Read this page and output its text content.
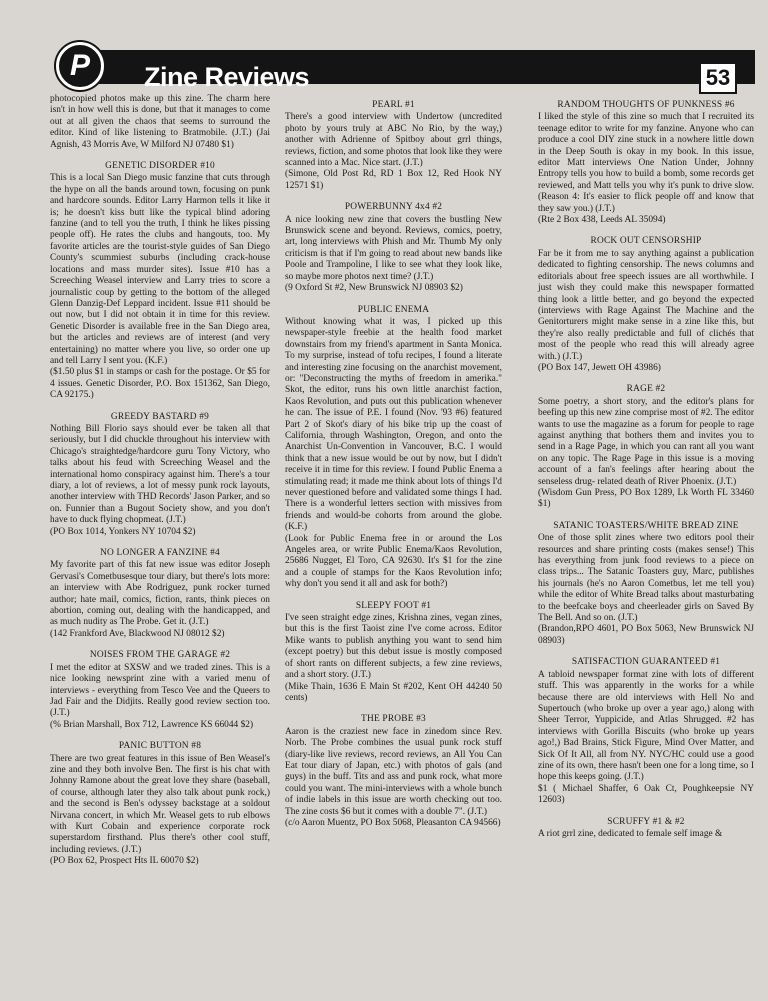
Zine Reviews	53
P

photocopied photos make up this zine. The charm here isn't in how well this is done, but that it manages to come out at all given the chaos that seems to surround the editor. Kind of like listening to Bratmobile. (J.T.) (Jai Agnish, 43 Morris Ave, W Milford NJ 07480 $1)

GENETIC DISORDER #10

This is a local San Diego music fanzine that cuts through the hype on all the bands around town, focusing on punk and hardcore sounds. Editor Larry Harmon tells it like it is; he doesn't kiss butt like the typical blind adoring fanzine (and to tell you the truth, I think he likes pissing people off). He rates the clubs and hangouts, too. My favorite articles are the tourist-style guides of San Diego County's scummiest suburbs (including crack-house locations and mass murder sites). Issue #10 has a Screeching Weasel interview and Larry tries to score a journalistic coup by getting to the bottom of the alleged Glenn Danzig-Def Leppard incident. Issue #11 should be out now, but I did not obtain it in time for this review. Genetic Disorder is available free in the San Diego area, but the articles and reviews are of interest (and very entertaining) no matter where you live, so order one up and tell Larry I sent you. (K.F.)

($1.50 plus $1 in stamps or cash for the postage. Or $5 for 4 issues. Genetic Disorder, P.O. Box 151362, San Diego, CA 92175.)

GREEDY BASTARD #9

Nothing Bill Florio says should ever be taken all that seriously, but I did chuckle throughout his interview with Chicago's straightedge/hardcore guru Tony Victory, who talks about his feud with Screeching Weasel and the international homo conspiracy against him. There's a tour diary, a lot of reviews, a lot of messy punk rock layouts, another interview with THD Records' Jason Parker, and so on. Funnier than a Bugout Society show, and you don't have to duck flying chopmeat. (J.T.)

(PO Box 1014, Yonkers NY 10704 $2)

NO LONGER A FANZINE #4

My favorite part of this fat new issue was editor Joseph Gervasi's Cometbusesque tour diary, but there's lots more: an interview with Abe Rodriguez, punk rocker turned author; hate mail, comics, fiction, rants, think pieces on abortion, coming out, dealing with the handicapped, and as much nudity as The Probe. Get it. (J.T.)

(142 Frankford Ave, Blackwood NJ 08012 $2)

NOISES FROM THE GARAGE #2

I met the editor at SXSW and we traded zines. This is a nice looking newsprint zine with a varied menu of interviews - everything from Tesco Vee and the Queers to Jad Fair and the Didjits. Really good review section too. (J.T.)

(% Brian Marshall, Box 712, Lawrence KS 66044 $2)

PANIC BUTTON #8

There are two great features in this issue of Ben Weasel's zine and they both involve Ben. The first is his chat with Johnny Ramone about the great love they share (baseball, of course, although later they also talk about punk rock,) and the second is Ben's odyssey backstage at a soldout Nirvana concert, in which Mr. Weasel gets to rub elbows with Kurt Cobain and experience corporate rock superstardom firsthand. Plus there's other cool stuff, including reviews. (J.T.)

(PO Box 62, Prospect Hts IL 60070 $2)

PEARL #1

There's a good interview with Undertow (uncredited photo by yours truly at ABC No Rio, by the way,) another with Adrienne of Spitboy about grrl things, reviews, fiction, and some photos that look like they were scanned into a Mac. Nice start. (J.T.)

(Simone, Old Post Rd, RD 1 Box 12, Red Hook NY 12571 $1)

POWERBUNNY 4x4 #2

A nice looking new zine that covers the bustling New Brunswick scene and beyond. Reviews, comics, poetry, art, long interviews with Phish and Mr. Thumb My only criticism is that if I'm going to read about new bands like Poole and Trampoline, I like to see what they look like, so maybe more photos next time? (J.T.)

(9 Oxford St #2, New Brunswick NJ 08903 $2)

PUBLIC ENEMA

Without knowing what it was, I picked up this newspaper-style freebie at the health food market downstairs from my friend's apartment in Santa Monica. To my surprise, instead of tofu recipes, I found a literate and interesting zine focusing on the anarchist movement, or: "Deconstructing the myths of freedom in amerika." Skot, the editor, runs his own little anarchist faction, Kaos Revolution, and puts out this publication whenever he can. The issue of P.E. I found (Nov. '93 #6) featured Part 2 of Skot's diary of his bike trip up the coast of California, through Washington, Oregon, and onto the Anarchist Un-Convention in Vancouver, B.C. I would think that a new issue would be out by now, but I didn't receive it in time for this review. I found Public Enema a stimulating read; it made me think about lots of things I'd never questioned before and validated some things I had. There is a wonderful letters section with missives from friends and would-be cohorts from around the globe. (K.F.)

(Look for Public Enema free in or around the Los Angeles area, or write Public Enema/Kaos Revolution, 25686 Nugget, El Toro, CA 92630. It's $1 for the zine and a couple of stamps for the Kaos Revolution info; why don't you send it all and ask for both?)

SLEEPY FOOT #1

I've seen straight edge zines, Krishna zines, vegan zines, but this is the first Taoist zine I've come across. Editor Mike wants to publish anything you want to send him (except poetry) but this debut issue is mostly composed of short rants on different subjects, a few zine reviews, and a short story. (J.T.)

(Mike Thain, 1636 E Main St #202, Kent OH 44240 50 cents)

THE PROBE #3

Aaron is the craziest new face in zinedom since Rev. Norb. The Probe combines the usual punk rock stuff (diary-like live reviews, record reviews, an All You Can Eat tour diary of Japan, etc.) with photos of gals (and guys) in the buff. Tits and ass and punk rock, what more could you want. The mini-interviews with a whole bunch of indie labels in this issue are worth checking out too. The zine costs $6 but it comes with a double 7". (J.T.)

(c/o Aaron Muentz, PO Box 5068, Pleasanton CA 94566)

RANDOM THOUGHTS OF PUNKNESS #6

I liked the style of this zine so much that I recruited its teenage editor to write for my fanzine. Anyone who can produce a cool DIY zine stuck in a nowhere little down in the Deep South is okay in my book. In this issue, editor Matt interviews One Nation Under, Johnny Entropy tells you how to build a bomb, some records get reviewed, and Matt tells you why it's punk to drive slow. (Reason 4: It's easier to flick people off and know that they saw you.) (J.T.)

(Rte 2 Box 438, Leeds AL 35094)

ROCK OUT CENSORSHIP

Far be it from me to say anything against a publication dedicated to fighting censorship. The news columns and editorials about free speech issues are all worthwhile. I just wish they could make this newspaper formatted thing look a little better, and go beyond the expected (interviews with Rage Against The Machine and the Genitorturers might make sense in a zine like this, but they're also really predictable and full of clichés that most of the people who read this will already agree with.) (J.T.)

(PO Box 147, Jewett OH 43986)

RAGE #2

Some poetry, a short story, and the editor's plans for beefing up this new zine comprise most of #2. The editor wants to use the magazine as a forum for people to rage against anything that bothers them and invites you to send in a Rage Page, in which you can rant all you want on any topic. The Rage Page in this issue is a moving account of a fan's feelings after hearing about the senseless drug- related death of River Phoenix. (J.T.)

(Wisdom Gun Press, PO Box 1289, Lk Worth FL 33460 $1)

SATANIC TOASTERS/WHITE BREAD ZINE

One of those split zines where two editors pool their resources and share printing costs (makes sense!) This has everything from junk food reviews to a piece on class trips... The Satanic Toasters guy, Marc, publishes his journals (he's no Aaron Cometbus, let me tell you) while the editor of White Bread talks about masturbating to the beefcake boys and cheerleader girls on Saved By The Bell. And so on. (J.T.)

(Brandon,RPO 4601, PO Box 5063, New Brunswick NJ 08903)

SATISFACTION GUARANTEED #1

A tabloid newspaper format zine with lots of different stuff. This was apparently in the works for a while because there are old interviews with Hell No and Supertouch (who broke up over a year ago,) along with Sheer Terror, Yuppicide, and Atlas Shrugged. #2 has interviews with Gorilla Biscuits (who broke up years ago!,) Bad Brains, Stick Figure, Mind Over Matter, and Sick Of It All, all from NY. NYC/HC could use a good zine of its own, there hasn't been one for a long time, so I hope this keeps going. (J.T.)

$1 ( Michael Shaffer, 6 Oak Ct, Poughkeepsie NY 12603)

SCRUFFY #1 & #2

A riot grrl zine, dedicated to female self image &
